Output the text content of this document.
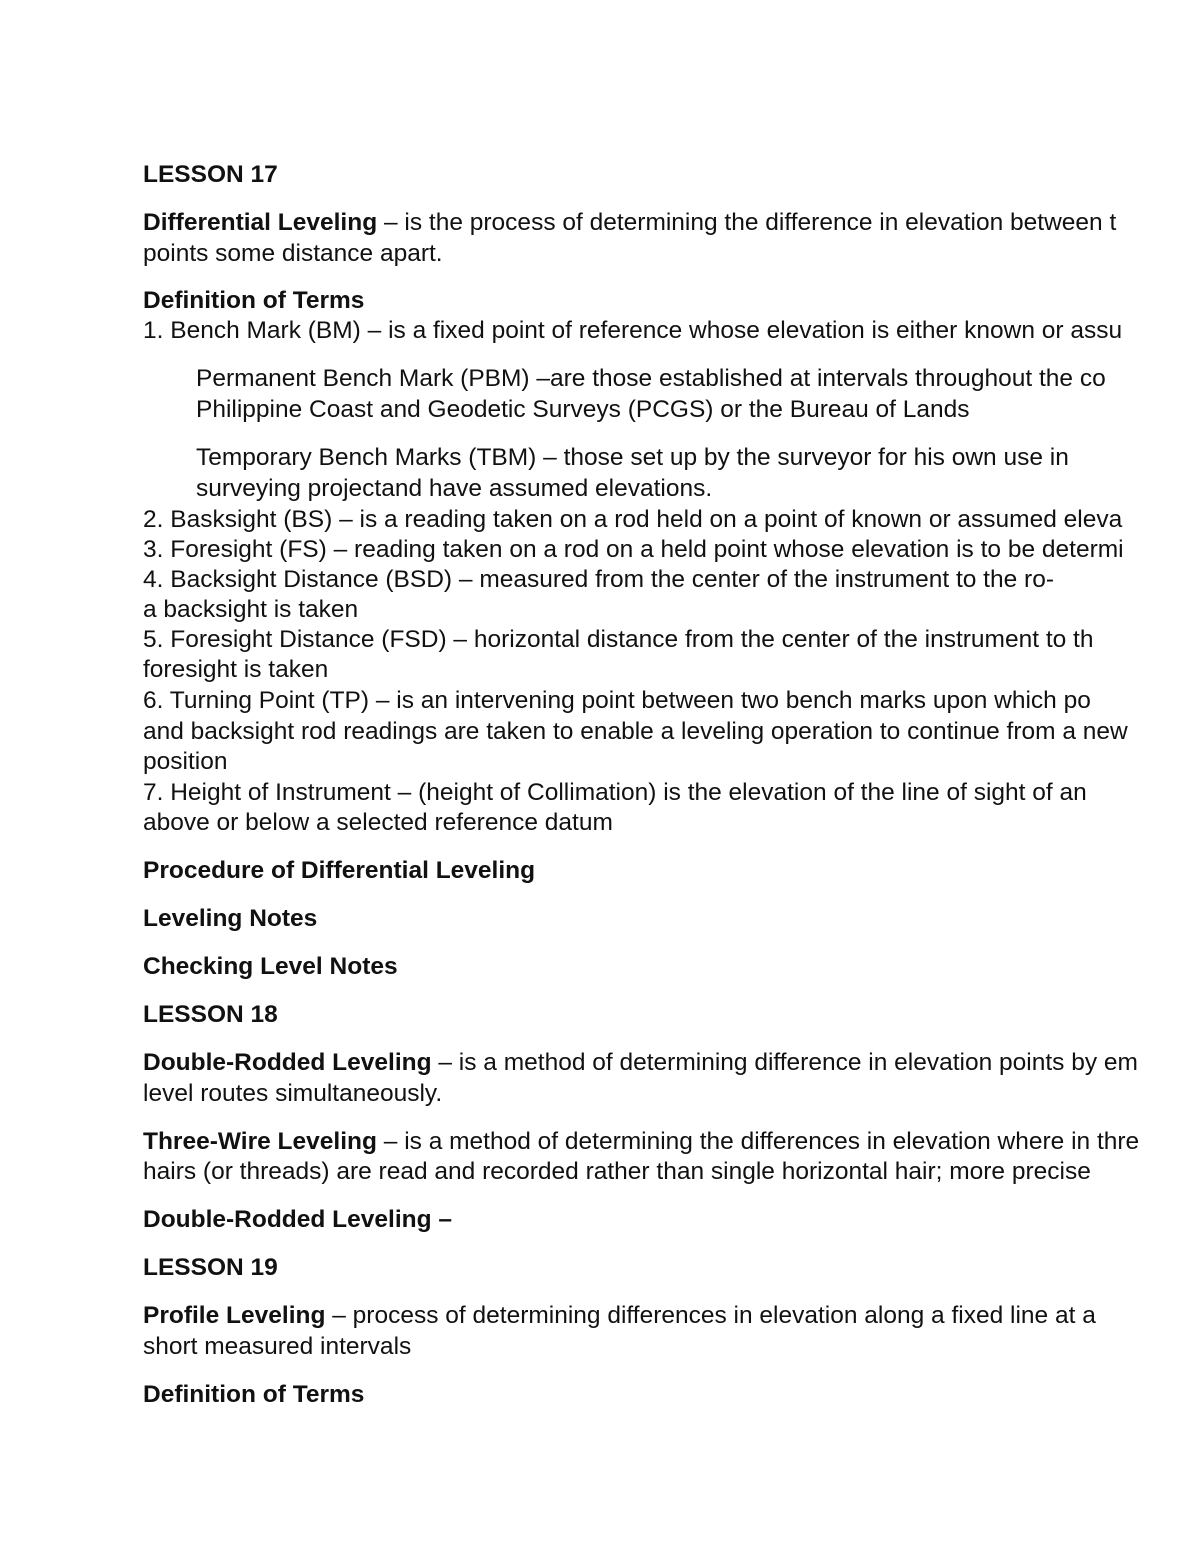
LESSON 17
Differential Leveling – is the process of determining the difference in elevation between t
points some distance apart.
Definition of Terms
1. Bench Mark (BM) – is a fixed point of reference whose elevation is either known or assu
Permanent Bench Mark (PBM) –are those established at intervals throughout the co
Philippine Coast and Geodetic Surveys (PCGS) or the Bureau of Lands
Temporary Bench Marks (TBM) – those set up by the surveyor for his own use in
surveying projectand have assumed elevations.
2. Basksight (BS) – is a reading taken on a rod held on a point of known or assumed eleva
3. Foresight (FS) – reading taken on a rod on a held point whose elevation is to be determi
4. Backsight Distance (BSD) – measured from the center of the instrument to the ro-
a backsight is taken
5. Foresight Distance (FSD) – horizontal distance from the center of the instrument to th
foresight is taken
6. Turning Point (TP) – is an intervening point between two bench marks upon which po
and backsight rod readings are taken to enable a leveling operation to continue from a new
position
7. Height of Instrument – (height of Collimation) is the elevation of the line of sight of an
above or below a selected reference datum
Procedure of Differential Leveling
Leveling Notes
Checking Level Notes
LESSON 18
Double-Rodded Leveling – is a method of determining difference in elevation points by em
level routes simultaneously.
Three-Wire Leveling – is a method of determining the differences in elevation where in thre
hairs (or threads) are read and recorded rather than single horizontal hair; more precise
Double-Rodded Leveling –
LESSON 19
Profile Leveling – process of determining differences in elevation along a fixed line at a
short measured intervals
Definition of Terms
